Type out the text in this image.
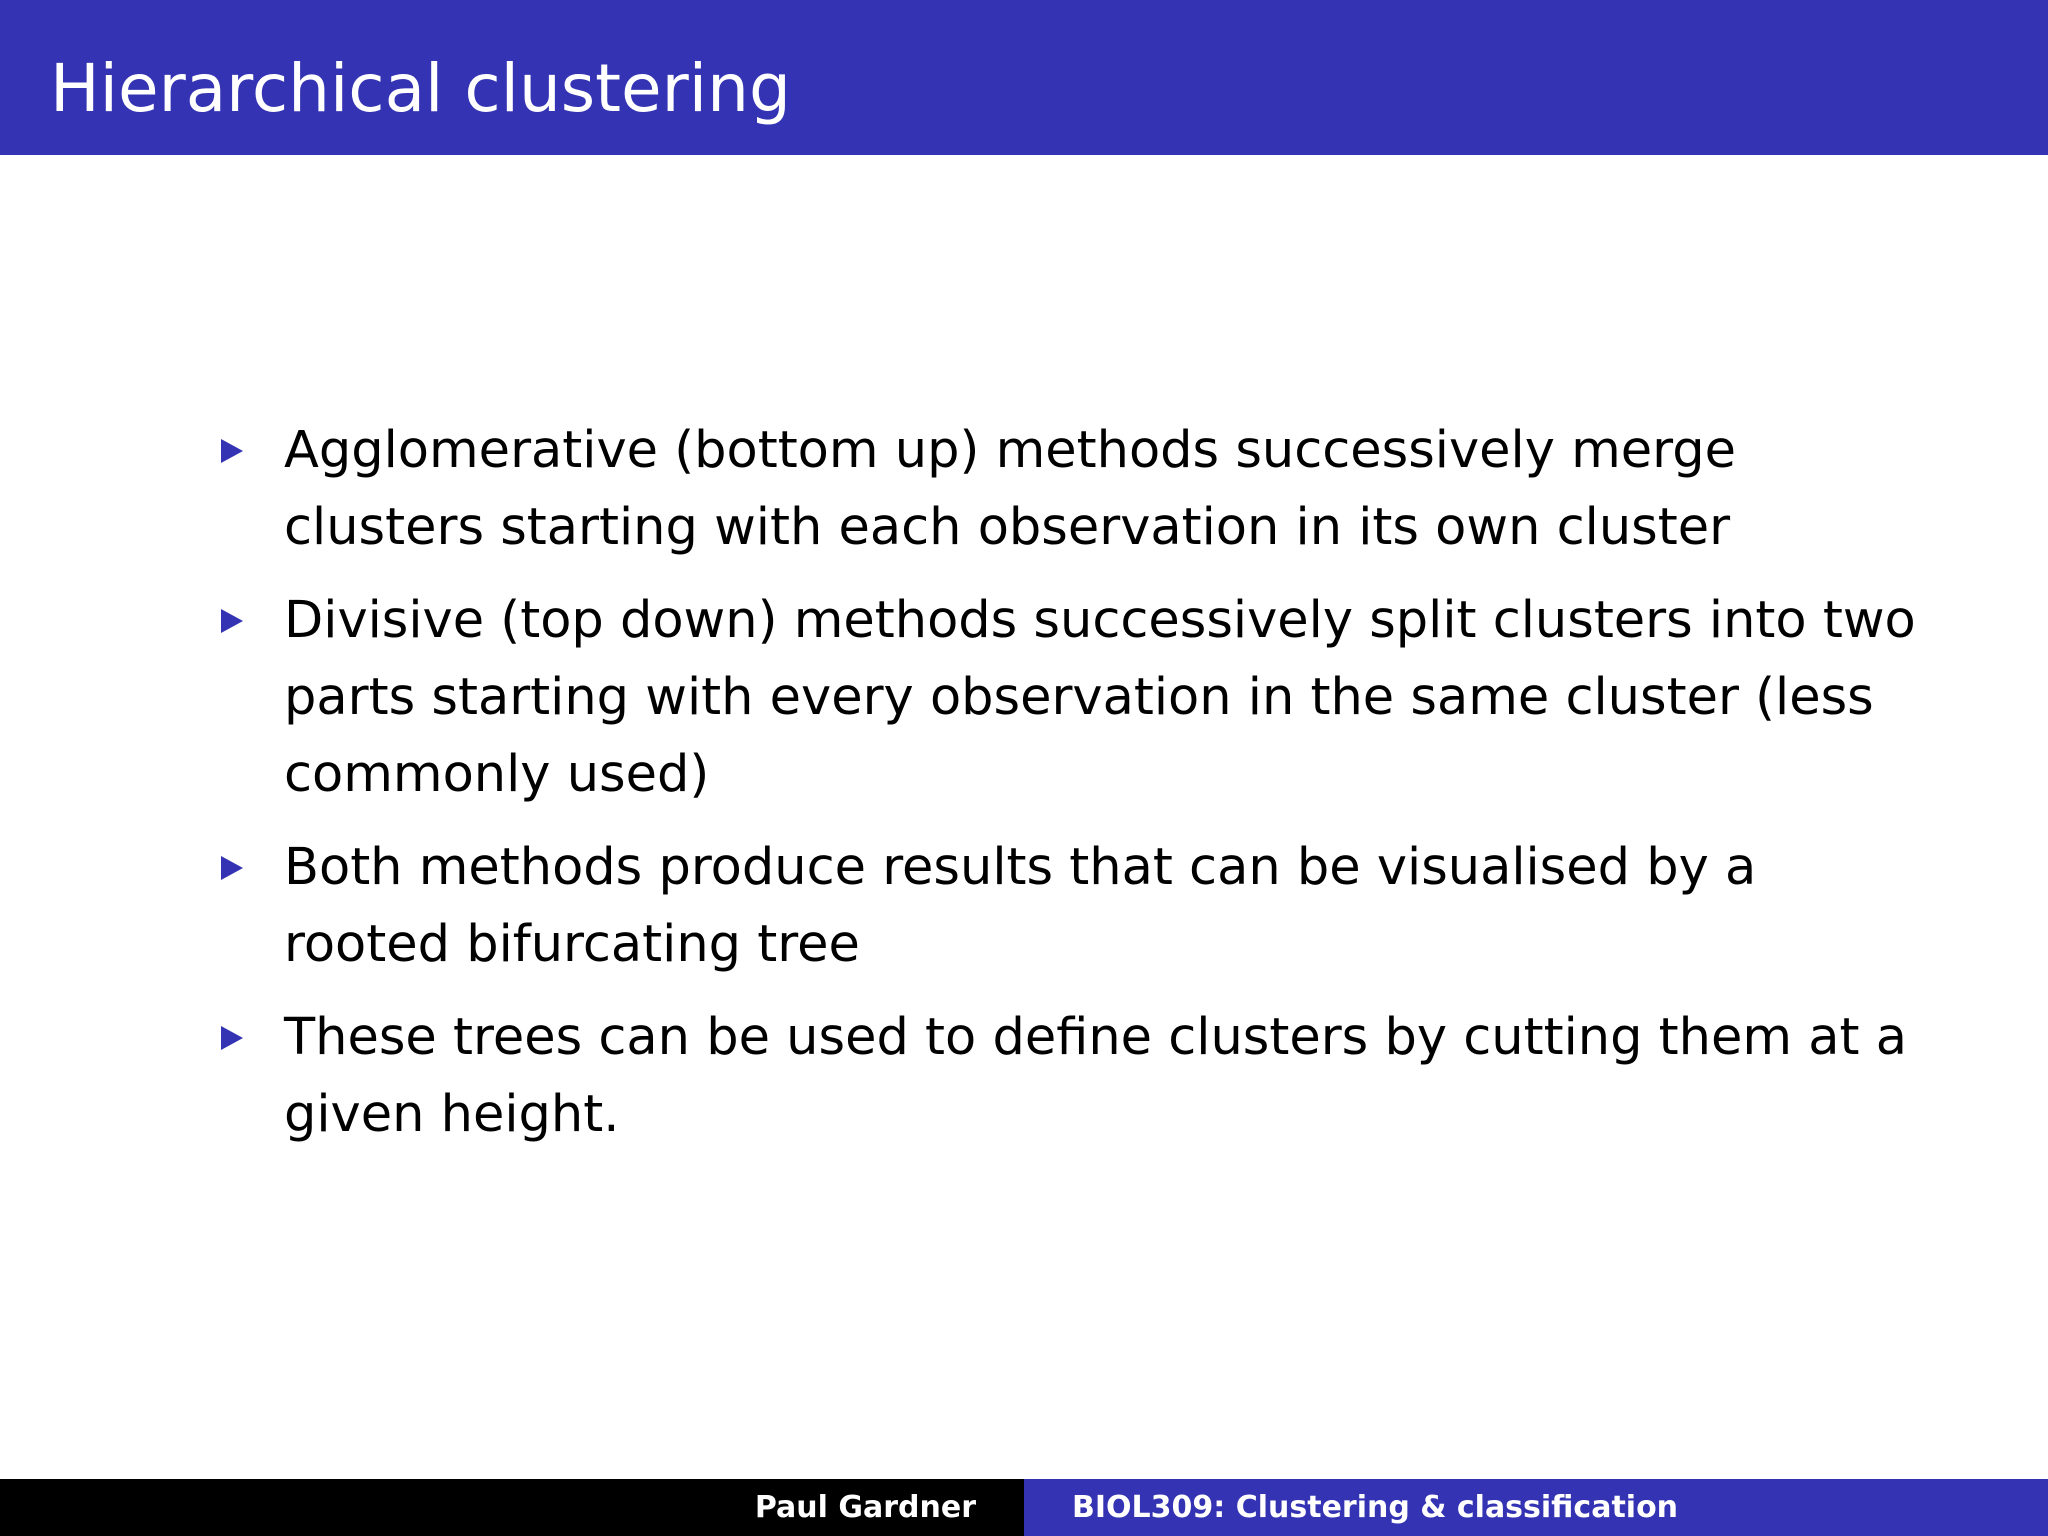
Hierarchical clustering
Agglomerative (bottom up) methods successively merge clusters starting with each observation in its own cluster
Divisive (top down) methods successively split clusters into two parts starting with every observation in the same cluster (less commonly used)
Both methods produce results that can be visualised by a rooted bifurcating tree
These trees can be used to define clusters by cutting them at a given height.
Paul Gardner	BIOL309: Clustering & classification
